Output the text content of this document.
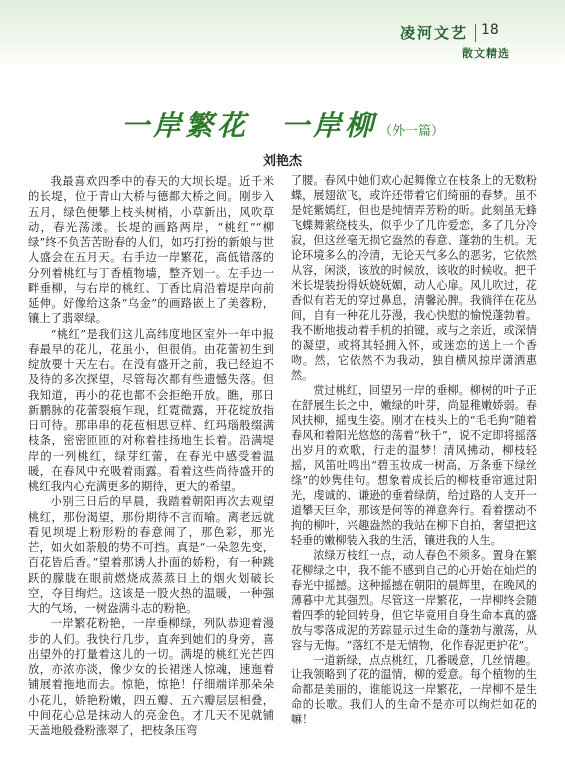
凌河文艺 18
散文精选
一岸繁花　一岸柳 （外一篇）
刘艳杰

我最喜欢四季中的春天的大坝长堤。近千米的长堤，位于青山大桥与德都大桥之间。刚步入五月，绿色便攀上枝头树梢，小草新出，风吹草动，春光荡漾。长堤的画路两岸，“桃红”“柳绿”终不负苦苦盼春的人们，如巧打扮的新娘与世人盛会在五月天。右手边一岸繁花，高低错落的分列着桃红与丁香植物墙，整齐划一。左手边一畔垂柳，与右岸的桃红、丁香比肩沿着堤岸向前延伸。好像给这条“乌金”的画路嵌上了美蓉粉，镶上了翡翠绿。

“桃红”是我们这儿高纬度地区室外一年中报春最早的花儿，花虽小，但很俏。由花蕾初生到绽放要十天左右。在没有盛开之前，我已经迫不及待的多次探望，尽管每次都有些遗憾失落。但我知道，再小的花也都不会拒绝开放。瞧，那日新鹏脉的花蕾裂痕乍现，红霓微露，开花绽放指日可待。那串串的花苞相思豆样、红玛瑙般缀满枝条，密密匝匝的对称着挂扬地生长着。沿满堤岸的一列桃红，绿芽红蕾，在春光中感受着温暖，在春风中充吸着雨露。看着这些尚待盛开的桃红我内心充满更多的期待，更大的希望。

小别三日后的早晨，我踏着朝阳再次去观望桃红，那份渴望，那份期待不言而喻。离老远就看见坝堤上粉形粉的春意闹了，那色彩，那光芒，如火如荼般的势不可挡。真是“一朵忽先变，百花皆后香。”望着那诱人扑面的娇粉，有一种跳跃的朦胧在眼前燃烧成蒸蒸日上的烟火划破长空，夺目绚烂。这该是一股火热的温暖，一种强大的气场，一树盎满斗志的粉艳。

一岸繁花粉艳，一岸垂柳绿，列队恭迎着漫步的人们。我快行几步，直奔到她们的身旁，喜出望外的打量着这儿的一切。满堤的桃红光芒四放，亦浓亦淡，像少女的长裙迷人惊魂，速迤着铺展着拖地而去。惊艳，惊艳！仔细端详那朵朵小花儿，娇艳粉嫩，四五瓣、五六瓣层层相叠，中间花心总是抹动人的亮金色。才几天不见就铺天盖地般叠粉涨翠了，把枝条压弯

了腰。春风中她们欢心起舞像立在枝条上的无数粉蝶，展翅欲飞，或许还带着它们绮丽的春梦。虽不是姹紫嫣红，但也是纯情弄芳粉的昕。此刻虽无蜂飞蝶舞萦绕枝头，似乎少了几许爱恋，多了几分冷寂，但这丝毫无损它盎然的春意、蓬勃的生机。无论环境多么的冷清，无论天气多么的恶劣，它依然从容，闲淡，该放的时候放，该收的时候收。把千米长堤装扮得妖娆妩媚，动人心扉。风儿吹过，花香似有若无的穿过鼻息，清馨沁脾。我徜徉在花丛间，自有一种花儿芬漫，我心快慰的愉悦蓬勃着。我不断地拔动着手机的拍键，或与之亲近，或深情的凝望，或将其轻拥入怀，或迷恋的送上一个香吻。然，它依然不为我动，独自横风掠岸潇洒惠然。

赏过桃红，回望另一岸的垂柳。柳树的叶子正在舒展生长之中，嫩绿的叶芽，尚显稚嫩娇弱。春风扶柳，摇曳生姿。刚才在枝头上的“毛毛狗”随着春风和着阳光悠悠的荡着“秋千”，说不定即将摇落出岁月的欢歌，行走的温梦！清风拂动，柳枝轻摇，风笛吐鸣出“碧玉妆成一树高，万条垂下绿丝绦”的妙隽佳句。想象着成长后的柳枝垂帘遮过阳光，虔诚的、谦逊的垂着绿荫，给过路的人支开一道攀天巨伞，那该是何等的禅意奔行。看着摆动不拘的柳叶，兴趣盎然的我站在柳下自拍，奢望把这轻垂的嫩柳装入我的生活，镶进我的人生。

浓绿万枝红一点，动人春色不须多。置身在繁花柳绿之中，我不能不感到自己的心开始在灿烂的春光中摇撼。这种摇撼在朝阳的晨辉里，在晚风的薄暮中尤其强烈。尽管这一岸繁花，一岸柳终会随着四季的轮回转身，但它毕竟用自身生命本真的盛放与零落成泥的芳踪显示过生命的蓬勃与激荡，从容与无悔。“落红不是无情物，化作春泥更护花”。

一道新绿，点点桃红，几番暖意，几丝情趣。让我领略到了花的温情，柳的爱意。每个植物的生命都是美丽的，谁能说这一岸繁花，一岸柳不是生命的长歌。我们人的生命不是亦可以绚烂如花的嘛！
